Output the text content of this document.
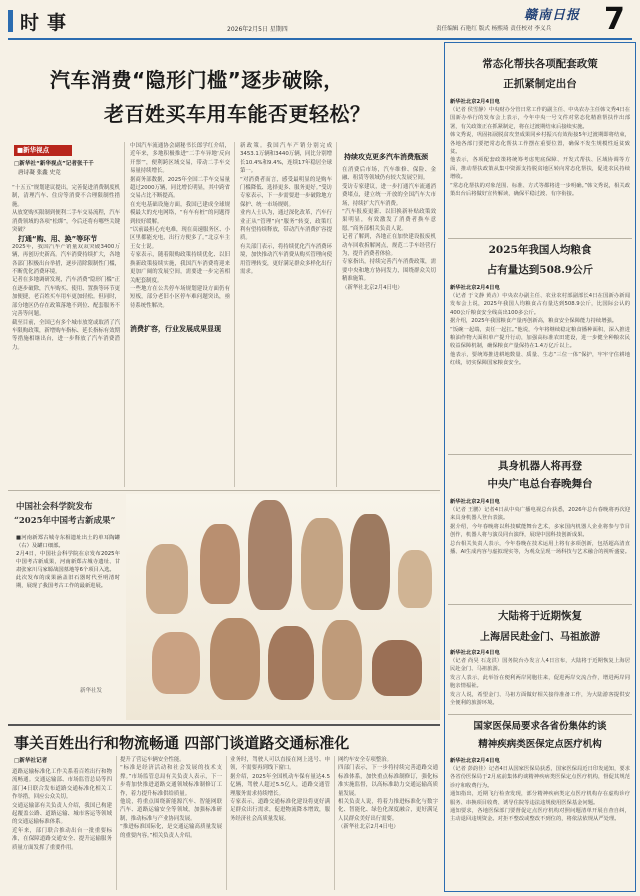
时事	2026年2月5日 星期四	责任编辑 石艳红 版式 杨熙琦 责任校对 李义兵
赣南日报 7
汽车消费“隐形门槛”逐步破除，
老百姓买车用车能否更轻松？
■新华视点
□新华社“新华视点”记者张千千
唐诗凝 张鑫 史竞
“十五五”规划建议提出，完善促进消费制度机制，清理汽车、住房等消费不合理限制性措施。
从放宽购买限制到便利二手车交易流程，汽车消费领域的各项“松绑”，今后还将有哪些关键突破？

2025年，我国汽车产销量双双突破3400万辆，再创历史新高。汽车消费持续扩大，各地各部门积极出台举措，逐步清除限制性门槛，不断优化消费环境。
记者在多地调研发现，汽车消费“隐形门槛”正在逐步破除，汽车购买、使用、置换等环节更加便捷，老百姓买车用车更加轻松。但同时，部分地区仍存在政策落地不到位、配套服务不完善等问题。
截至目前，全国已有多个城市放宽或取消了汽车限购政策，新增购车指标、延长指标有效期等措施相继出台，进一步释放了汽车消费潜力。
打通“购、用、换”等环节
中国汽车流通协会副秘书长郎学红介绍，近年来，多地积极推进“二手车异地‘反向开票’”，便利跨区域交易，带动二手车交易量持续增长。
据商务部数据，2025年全国二手车交易量超过2000万辆，同比增长明显，其中跨省交易占比不断提高。
在充电基础设施方面，我国已建成全球规模最大的充电网络，“有车有桩”的问题得到较好缓解。
“以前最担心充电难，现在高速服务区、小区里都能充电，出行方便多了。”北京车主王女士说。
专家表示，随着限购政策持续优化、以旧换新政策接续实施，我国汽车消费将迎来更加广阔的发展空间，需要进一步完善相关配套制度。
一些地方在公共停车场规划建设方面仍有短板，部分老旧小区停车难问题突出，亟待系统性解决。
消费扩容，行业发展成果显现
新政策。我国汽车产销分别完成3453.1万辆和3440万辆，同比分别增长10.4%和9.4%，连续17年稳居全球第一。
“对消费者而言，感受最明显的是购车门槛降低、选择更多、服务更好。”受访专家表示，下一步需要进一步破除地方保护、统一市场规则。
业内人士认为，通过深化改革，汽车行业正从“管理”向“服务”转变，政策红利有望持续释放，带动汽车消费扩容提质。
有关部门表示，将持续优化汽车消费环境，加快推动汽车消费从购买管理向使用管理转变，更好满足群众多样化出行需求。
持续攻克更多汽车消费瓶颈
在消费后市场，汽车维修、保险、金融、租赁等领域仍有较大发展空间。
受访专家建议，进一步打通汽车流通消费堵点，建立统一开放的全国汽车大市场，持续扩大汽车消费。
“汽车报废更新、以旧换新补贴政策效果明显，有效激发了消费者换车意愿。”商务部相关负责人说。
记者了解到，各地正在加快建设报废机动车回收拆解网点，规范二手车经营行为，提升消费者体验。
专家指出，持续完善汽车消费政策，需要中央和地方协同发力，围绕群众关切精准施策。
（新华社北京2月4日电）
中国社会科学院发布
“2025年中国考古新成果”
■河南新郑古城寺东相遗址出土的单耳陶罐（右）及罐口细部。
2月4日，中国社会科学院在京发布2025年中国考古新成果，河南新郑古城寺遗址、甘肃张家川马家塬战国墓地等6个项目入选。
此次发布的成果涵盖旧石器时代至明清时期，展现了我国考古工作的最新进展。
新华社发
事关百姓出行和物流畅通 四部门谈道路交通标准化
□新华社记者
道路运输标准化工作关系着百姓出行和物流畅通。交通运输部、市场监管总局等四部门4日联合发布道路交通标准化相关工作举措，回应公众关切。
交通运输部有关负责人介绍，我国已构建起覆盖公路、道路运输、城市客运等领域的交通运输标准体系。
近年来，部门联合推动出台一批重要标准，在保障道路交通安全、提升运输服务质量方面发挥了重要作用。
提升了营运车辆安全性能。
“标准是经济活动和社会发展的技术支撑。”市场监管总局有关负责人表示，下一步将加快推进道路交通领域标准制修订工作，着力提升标准供给质量。
他说，将重点围绕新能源汽车、智能网联汽车、道路运输安全等领域，加强标准研制，推动标准与产业协同发展。
“推进标准国际化，是交通运输高质量发展的重要内容。”相关负责人介绍。
业务时，驾驶人可以直接在网上选号、申领，不需要再到线下窗口。
据介绍，2025年全国机动车保有量达4.5亿辆，驾驶人超过5.5亿人，道路交通管理服务需求持续增长。
专家表示，道路交通标准化建设将更好满足群众出行需求，促进物流降本增效，服务经济社会高质量发展。
网约车安全专项整治。
四部门表示，下一步将持续完善道路交通标准体系，加快重点标准制修订，强化标准实施监督，以高标准助力交通运输高质量发展。
相关负责人说，将着力推进标准化与数字化、智能化、绿色化深度融合，更好满足人民群众美好出行需要。
（新华社北京2月4日电）
常态化帮扶各项配套政策
正抓紧制定出台
新华社北京2月4日电
（记者 侯雪静）中央财办分管日常工作的副主任、中央农办主任韩文秀4日在国新办举行的发布会上表示，今年中央一号文件对常态化精准帮扶作出部署，有关政策正在抓紧制定，将在过渡期结束后接续实施。
韩文秀说，巩固拓展脱贫攻坚成果同乡村振兴有效衔接5年过渡期即将结束，各地各部门要把常态化帮扶工作摆在重要位置，确保不发生规模性返贫致贫。
他表示，各项配套政策将统筹考虑兜底保障、开发式帮扶、区域协调等方面，推动帮扶政策从集中资源支持脱贫地区转向常态化帮扶，促进农民持续增收。
“常态化帮扶的对象范围、标准、方式等都将进一步明确。”韩文秀说，相关政策出台后将做好宣传解读，确保平稳过渡、有序衔接。
2025年我国人均粮食
占有量达到508.9公斤
新华社北京2月4日电
（记者 于文静 黄垚）中央农办副主任、农业农村部副部长4日在国新办新闻发布会上说，2025年我国人均粮食占有量达到508.9公斤，比国际公认的400公斤粮食安全线高出100多公斤。
据介绍，2025年我国粮食产量再创新高，粮食安全保障能力持续增强。
“饭碗一起端，责任一起扛。”他说，今年将继续稳定粮食播种面积，深入推进粮油作物大面积单产提升行动，加强高标准农田建设，进一步健全种粮农民收益保障机制，确保粮食产量保持在1.4万亿斤以上。
他表示，要统筹推进耕地数量、质量、生态“三位一体”保护，牢牢守住耕地红线，切实保障国家粮食安全。
具身机器人将再登
中央广电总台春晚舞台
新华社北京2月4日电
（记者 王鹏）记者4日从中央广播电视总台获悉，2026年总台春晚将再次迎来具身机器人登台表演。
据介绍，今年春晚将以科技赋能舞台艺术，多家国内机器人企业将参与节目创作，机器人将与演员同台演绎，展现中国科技创新成果。
总台相关负责人表示，今年春晚在技术运用上将有多项创新，包括超高清直播、AI生成内容与虚拟现实等，为观众呈现一场科技与艺术融合的视听盛宴。
大陆将于近期恢复
上海居民赴金门、马祖旅游
新华社北京2月4日电
（记者 尚昊 石龙洪）国务院台办发言人4日宣布，大陆将于近期恢复上海居民赴金门、马祖旅游。
发言人表示，此举旨在便利两岸同胞往来，促进两岸交流合作，增进两岸同胞亲情福祉。
发言人说，希望金门、马祖方面做好相关接待准备工作，为大陆游客提供安全便利的旅游环境。
国家医保局要求各省份集体约谈
精神疾病类医保定点医疗机构
新华社北京2月4日电
（记者 彭韵佳）记者4日从国家医保局获悉，国家医保局近日印发通知，要求各省份医保局于2月底前集体约谈精神疾病类医保定点医疗机构，督促其规范诊疗和收费行为。
通知指出，近期飞行检查发现，部分精神疾病类定点医疗机构存在虚构诊疗服务、串换项目收费、诱导住院等违法违规使用医保基金问题。
通知要求，各地医保部门要督促定点医疗机构对照问题清单开展自查自纠，主动退回违规资金。对拒不整改或整改不到位的，将依法依规从严处理。
